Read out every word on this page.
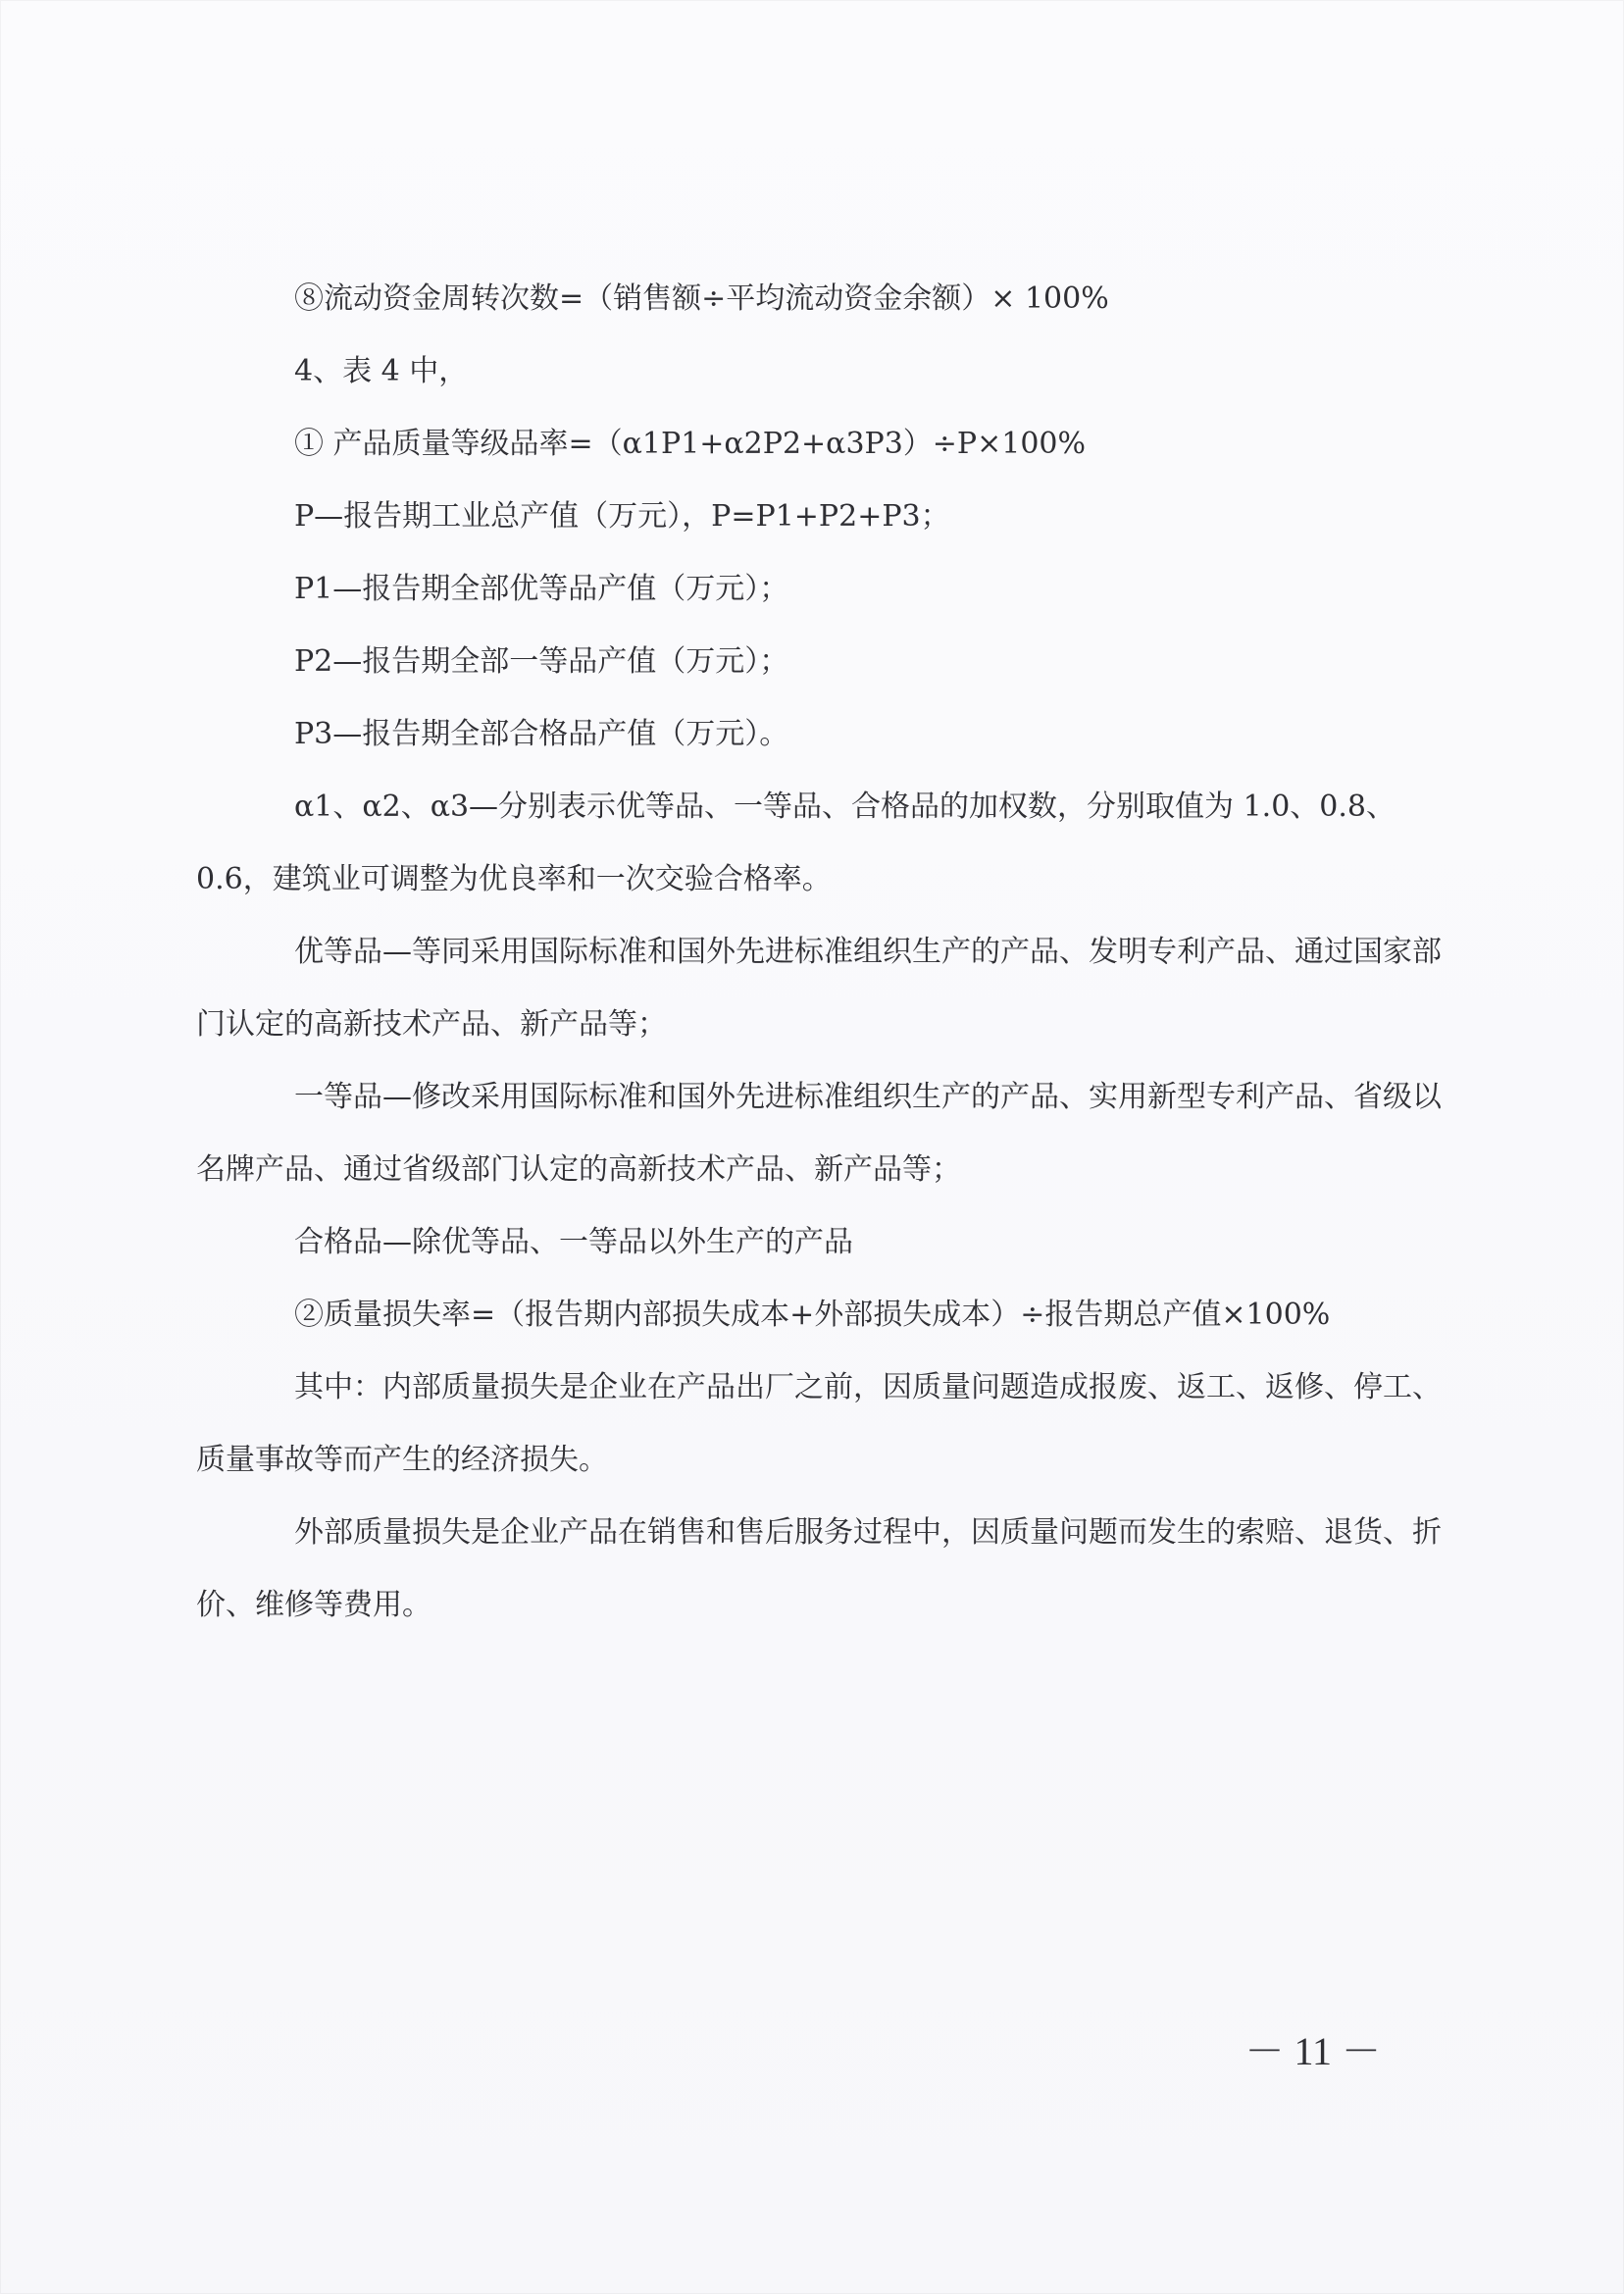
⑧流动资金周转次数=（销售额÷平均流动资金余额）× 100%

4、表 4 中，

① 产品质量等级品率=（α1P1+α2P2+α3P3）÷P×100%

P—报告期工业总产值（万元），P=P1+P2+P3；

P1—报告期全部优等品产值（万元）；

P2—报告期全部一等品产值（万元）；

P3—报告期全部合格品产值（万元）。

α1、α2、α3—分别表示优等品、一等品、合格品的加权数，分别取值为 1.0、0.8、0.6，建筑业可调整为优良率和一次交验合格率。

优等品—等同采用国际标准和国外先进标准组织生产的产品、发明专利产品、通过国家部门认定的高新技术产品、新产品等；

一等品—修改采用国际标准和国外先进标准组织生产的产品、实用新型专利产品、省级以名牌产品、通过省级部门认定的高新技术产品、新产品等；

合格品—除优等品、一等品以外生产的产品

②质量损失率=（报告期内部损失成本+外部损失成本）÷报告期总产值×100%

其中：内部质量损失是企业在产品出厂之前，因质量问题造成报废、返工、返修、停工、质量事故等而产生的经济损失。

外部质量损失是企业产品在销售和售后服务过程中，因质量问题而发生的索赔、退货、折价、维修等费用。

－ 11 －
